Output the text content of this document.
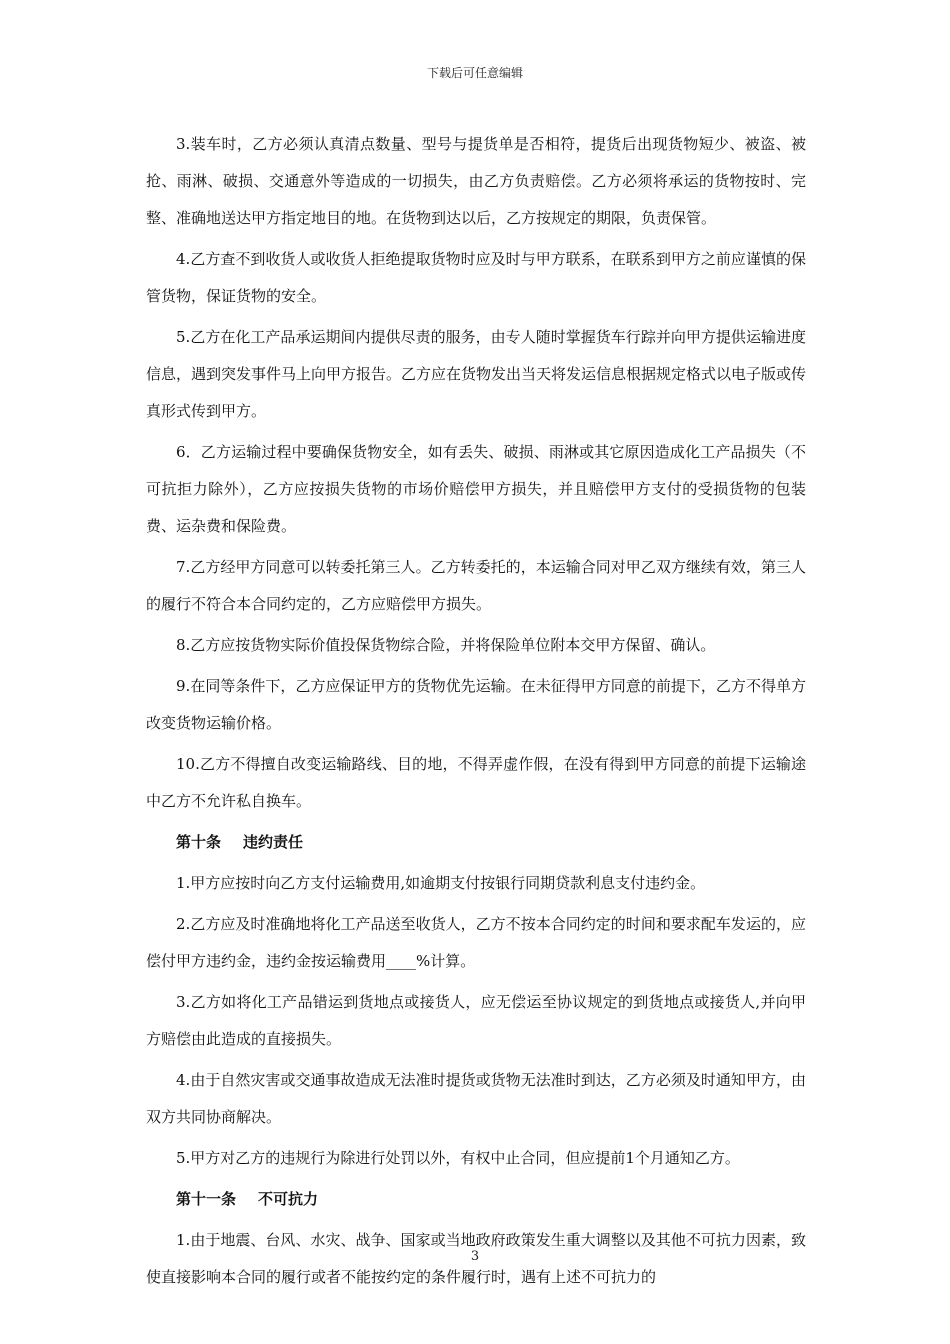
下载后可任意编辑

3.装车时，乙方必须认真清点数量、型号与提货单是否相符，提货后出现货物短少、被盗、被抢、雨淋、破损、交通意外等造成的一切损失，由乙方负责赔偿。乙方必须将承运的货物按时、完整、准确地送达甲方指定地目的地。在货物到达以后，乙方按规定的期限，负责保管。

4.乙方查不到收货人或收货人拒绝提取货物时应及时与甲方联系，在联系到甲方之前应谨慎的保管货物，保证货物的安全。

5.乙方在化工产品承运期间内提供尽责的服务，由专人随时掌握货车行踪并向甲方提供运输进度信息，遇到突发事件马上向甲方报告。乙方应在货物发出当天将发运信息根据规定格式以电子版或传真形式传到甲方。

6．乙方运输过程中要确保货物安全，如有丢失、破损、雨淋或其它原因造成化工产品损失（不可抗拒力除外），乙方应按损失货物的市场价赔偿甲方损失，并且赔偿甲方支付的受损货物的包装费、运杂费和保险费。

7.乙方经甲方同意可以转委托第三人。乙方转委托的，本运输合同对甲乙双方继续有效，第三人的履行不符合本合同约定的，乙方应赔偿甲方损失。

8.乙方应按货物实际价值投保货物综合险，并将保险单位附本交甲方保留、确认。

9.在同等条件下，乙方应保证甲方的货物优先运输。在未征得甲方同意的前提下，乙方不得单方改变货物运输价格。

10.乙方不得擅自改变运输路线、目的地，不得弄虚作假，在没有得到甲方同意的前提下运输途中乙方不允许私自换车。

第十条 违约责任

1.甲方应按时向乙方支付运输费用,如逾期支付按银行同期贷款利息支付违约金。

2.乙方应及时准确地将化工产品送至收货人，乙方不按本合同约定的时间和要求配车发运的，应偿付甲方违约金，违约金按运输费用____%计算。

3.乙方如将化工产品错运到货地点或接货人，应无偿运至协议规定的到货地点或接货人,并向甲方赔偿由此造成的直接损失。

4.由于自然灾害或交通事故造成无法准时提货或货物无法准时到达，乙方必须及时通知甲方，由双方共同协商解决。

5.甲方对乙方的违规行为除进行处罚以外，有权中止合同，但应提前1个月通知乙方。

第十一条 不可抗力

1.由于地震、台风、水灾、战争、国家或当地政府政策发生重大调整以及其他不可抗力因素，致使直接影响本合同的履行或者不能按约定的条件履行时，遇有上述不可抗力的

3
